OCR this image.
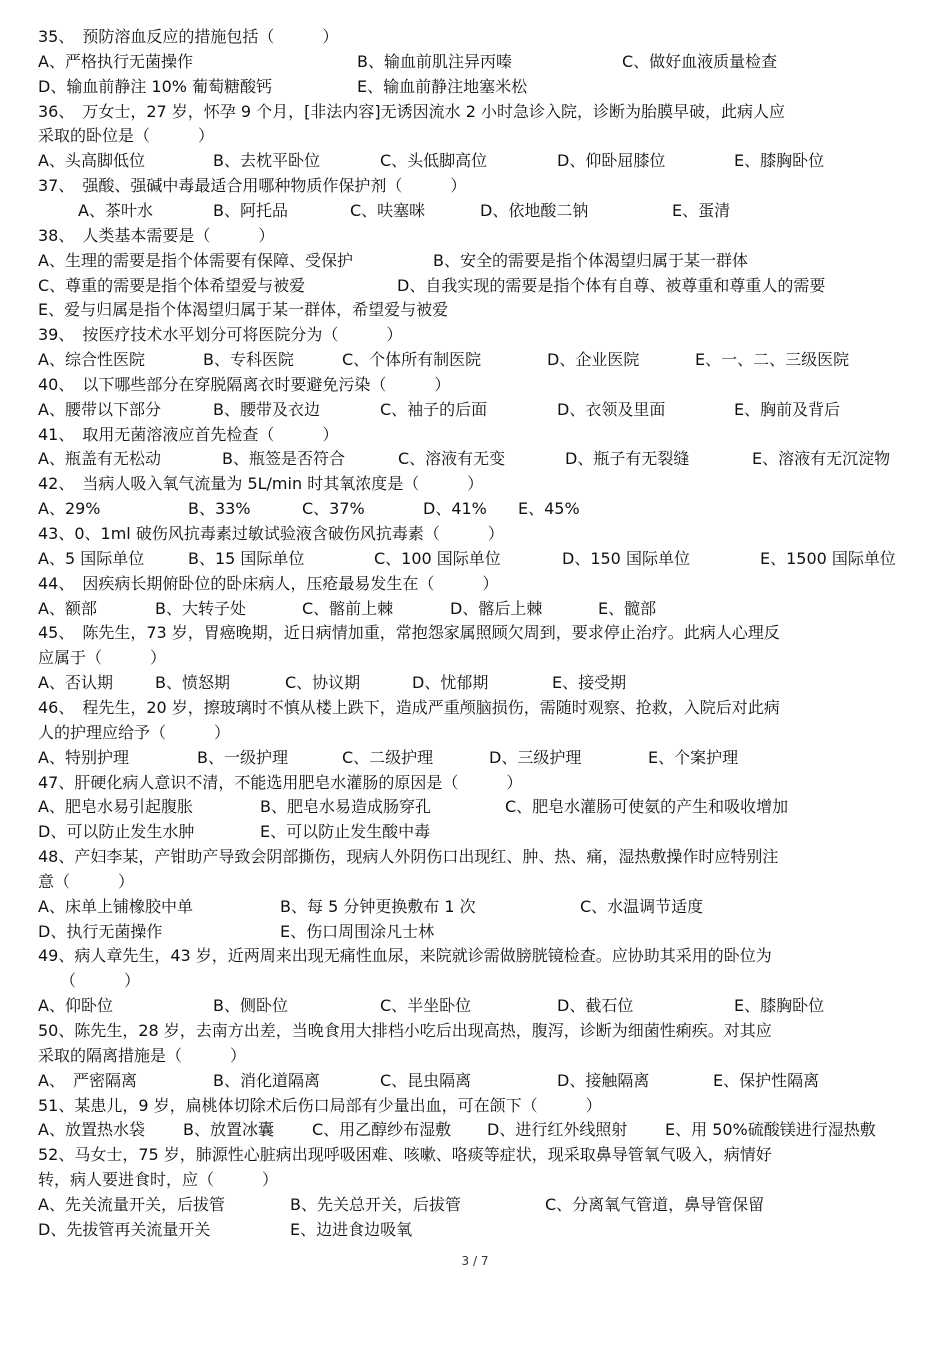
35、　预防溶血反应的措施包括（　　　）
A、严格执行无菌操作	B、输血前肌注异丙嗪	C、做好血液质量检查
D、输血前静注 10% 葡萄糖酸钙	E、输血前静注地塞米松
36、　万女士，27 岁，怀孕 9 个月，[非法内容]无诱因流水 2 小时急诊入院，诊断为胎膜早破，此病人应
采取的卧位是（　　　）
A、头高脚低位	B、去枕平卧位	C、头低脚高位	D、仰卧屈膝位	E、膝胸卧位
37、　强酸、强碱中毒最适合用哪种物质作保护剂（　　　）
A、茶叶水	B、阿托品	C、呋塞咪	D、依地酸二钠	E、蛋清
38、　人类基本需要是（　　　）
A、生理的需要是指个体需要有保障、受保护	B、安全的需要是指个体渴望归属于某一群体
C、尊重的需要是指个体希望爱与被爱	D、自我实现的需要是指个体有自尊、被尊重和尊重人的需要
E、爱与归属是指个体渴望归属于某一群体，希望爱与被爱
39、　按医疗技术水平划分可将医院分为（　　　）
A、综合性医院	B、专科医院	C、个体所有制医院	D、企业医院	E、一、二、三级医院
40、　以下哪些部分在穿脱隔离衣时要避免污染（　　　）
A、腰带以下部分	B、腰带及衣边	C、袖子的后面	D、衣领及里面	E、胸前及背后
41、　取用无菌溶液应首先检查（　　　）
A、瓶盖有无松动	B、瓶签是否符合	C、溶液有无变	D、瓶子有无裂缝	E、溶液有无沉淀物
42、　当病人吸入氧气流量为 5L/min 时其氧浓度是（　　　）
A、29%	B、33%	C、37%	D、41% E、45%
43、0、1ml 破伤风抗毒素过敏试验液含破伤风抗毒素（　　　）
A、5 国际单位	B、15 国际单位	C、100 国际单位	D、150 国际单位	E、1500 国际单位
44、　因疾病长期俯卧位的卧床病人，压疮最易发生在（　　　）
A、额部	B、大转子处	C、髂前上棘	D、髂后上棘	E、髋部
45、　陈先生，73 岁，胃癌晚期，近日病情加重，常抱怨家属照顾欠周到，要求停止治疗。此病人心理反
应属于（　　　）
A、否认期	B、愤怒期	C、协议期	D、忧郁期	E、接受期
46、　程先生，20 岁，擦玻璃时不慎从楼上跌下，造成严重颅脑损伤，需随时观察、抢救，入院后对此病
人的护理应给予（　　　）
A、特别护理	B、一级护理	C、二级护理	D、三级护理	E、个案护理
47、肝硬化病人意识不清，不能选用肥皂水灌肠的原因是（　　　）
A、肥皂水易引起腹胀	B、肥皂水易造成肠穿孔	C、肥皂水灌肠可使氨的产生和吸收增加
D、可以防止发生水肿	E、可以防止发生酸中毒
48、产妇李某，产钳助产导致会阴部撕伤，现病人外阴伤口出现红、肿、热、痛，湿热敷操作时应特别注
意（　　　）
A、床单上铺橡胶中单	B、每 5 分钟更换敷布 1 次	C、水温调节适度
D、执行无菌操作	E、伤口周围涂凡士林
49、病人章先生，43 岁，近两周来出现无痛性血尿，来院就诊需做膀胱镜检查。应协助其采用的卧位为
（　　　）
A、仰卧位	B、侧卧位	C、半坐卧位	D、截石位	E、膝胸卧位
50、陈先生，28 岁，去南方出差，当晚食用大排档小吃后出现高热，腹泻，诊断为细菌性痢疾。对其应
采取的隔离措施是（　　　）
A、　严密隔离	B、消化道隔离	C、昆虫隔离	D、接触隔离	E、保护性隔离
51、某患儿，9 岁，扁桃体切除术后伤口局部有少量出血，可在颌下（　　　）
A、放置热水袋 B、放置冰囊 C、用乙醇纱布湿敷 D、进行红外线照射 E、用 50%硫酸镁进行湿热敷
52、马女士，75 岁，肺源性心脏病出现呼吸困难、咳嗽、咯痰等症状，现采取鼻导管氧气吸入，病情好
转，病人要进食时，应（　　　）
A、先关流量开关，后拔管	B、先关总开关，后拔管	C、分离氧气管道，鼻导管保留
D、先拔管再关流量开关	E、边进食边吸氧
3 / 7
